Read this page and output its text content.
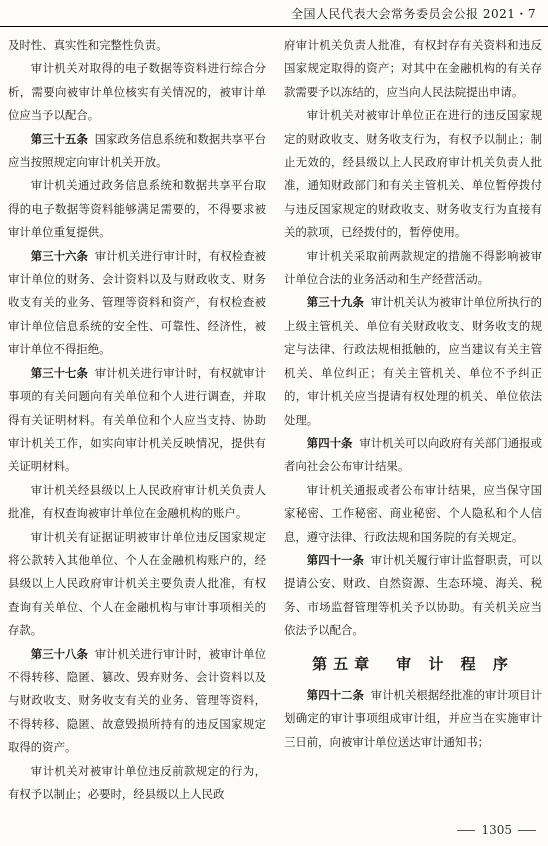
全国人民代表大会常务委员会公报 2021・7

及时性、真实性和完整性负责。

审计机关对取得的电子数据等资料进行综合分析，需要向被审计单位核实有关情况的，被审计单位应当予以配合。

第三十五条 国家政务信息系统和数据共享平台应当按照规定向审计机关开放。

审计机关通过政务信息系统和数据共享平台取得的电子数据等资料能够满足需要的，不得要求被审计单位重复提供。

第三十六条 审计机关进行审计时，有权检查被审计单位的财务、会计资料以及与财政收支、财务收支有关的业务、管理等资料和资产，有权检查被审计单位信息系统的安全性、可靠性、经济性，被审计单位不得拒绝。

第三十七条 审计机关进行审计时，有权就审计事项的有关问题向有关单位和个人进行调查，并取得有关证明材料。有关单位和个人应当支持、协助审计机关工作，如实向审计机关反映情况，提供有关证明材料。

审计机关经县级以上人民政府审计机关负责人批准，有权查询被审计单位在金融机构的账户。

审计机关有证据证明被审计单位违反国家规定将公款转入其他单位、个人在金融机构账户的，经县级以上人民政府审计机关主要负责人批准，有权查询有关单位、个人在金融机构与审计事项相关的存款。

第三十八条 审计机关进行审计时，被审计单位不得转移、隐匿、篡改、毁弃财务、会计资料以及与财政收支、财务收支有关的业务、管理等资料，不得转移、隐匿、故意毁损所持有的违反国家规定取得的资产。

审计机关对被审计单位违反前款规定的行为，有权予以制止；必要时，经县级以上人民政

府审计机关负责人批准，有权封存有关资料和违反国家规定取得的资产；对其中在金融机构的有关存款需要予以冻结的，应当向人民法院提出申请。

审计机关对被审计单位正在进行的违反国家规定的财政收支、财务收支行为，有权予以制止；制止无效的，经县级以上人民政府审计机关负责人批准，通知财政部门和有关主管机关、单位暂停拨付与违反国家规定的财政收支、财务收支行为直接有关的款项，已经拨付的，暂停使用。

审计机关采取前两款规定的措施不得影响被审计单位合法的业务活动和生产经营活动。

第三十九条 审计机关认为被审计单位所执行的上级主管机关、单位有关财政收支、财务收支的规定与法律、行政法规相抵触的，应当建议有关主管机关、单位纠正；有关主管机关、单位不予纠正的，审计机关应当提请有权处理的机关、单位依法处理。

第四十条 审计机关可以向政府有关部门通报或者向社会公布审计结果。

审计机关通报或者公布审计结果，应当保守国家秘密、工作秘密、商业秘密、个人隐私和个人信息，遵守法律、行政法规和国务院的有关规定。

第四十一条 审计机关履行审计监督职责，可以提请公安、财政、自然资源、生态环境、海关、税务、市场监督管理等机关予以协助。有关机关应当依法予以配合。

第五章　审 计 程 序

第四十二条 审计机关根据经批准的审计项目计划确定的审计事项组成审计组，并应当在实施审计三日前，向被审计单位送达审计通知书；

1305
